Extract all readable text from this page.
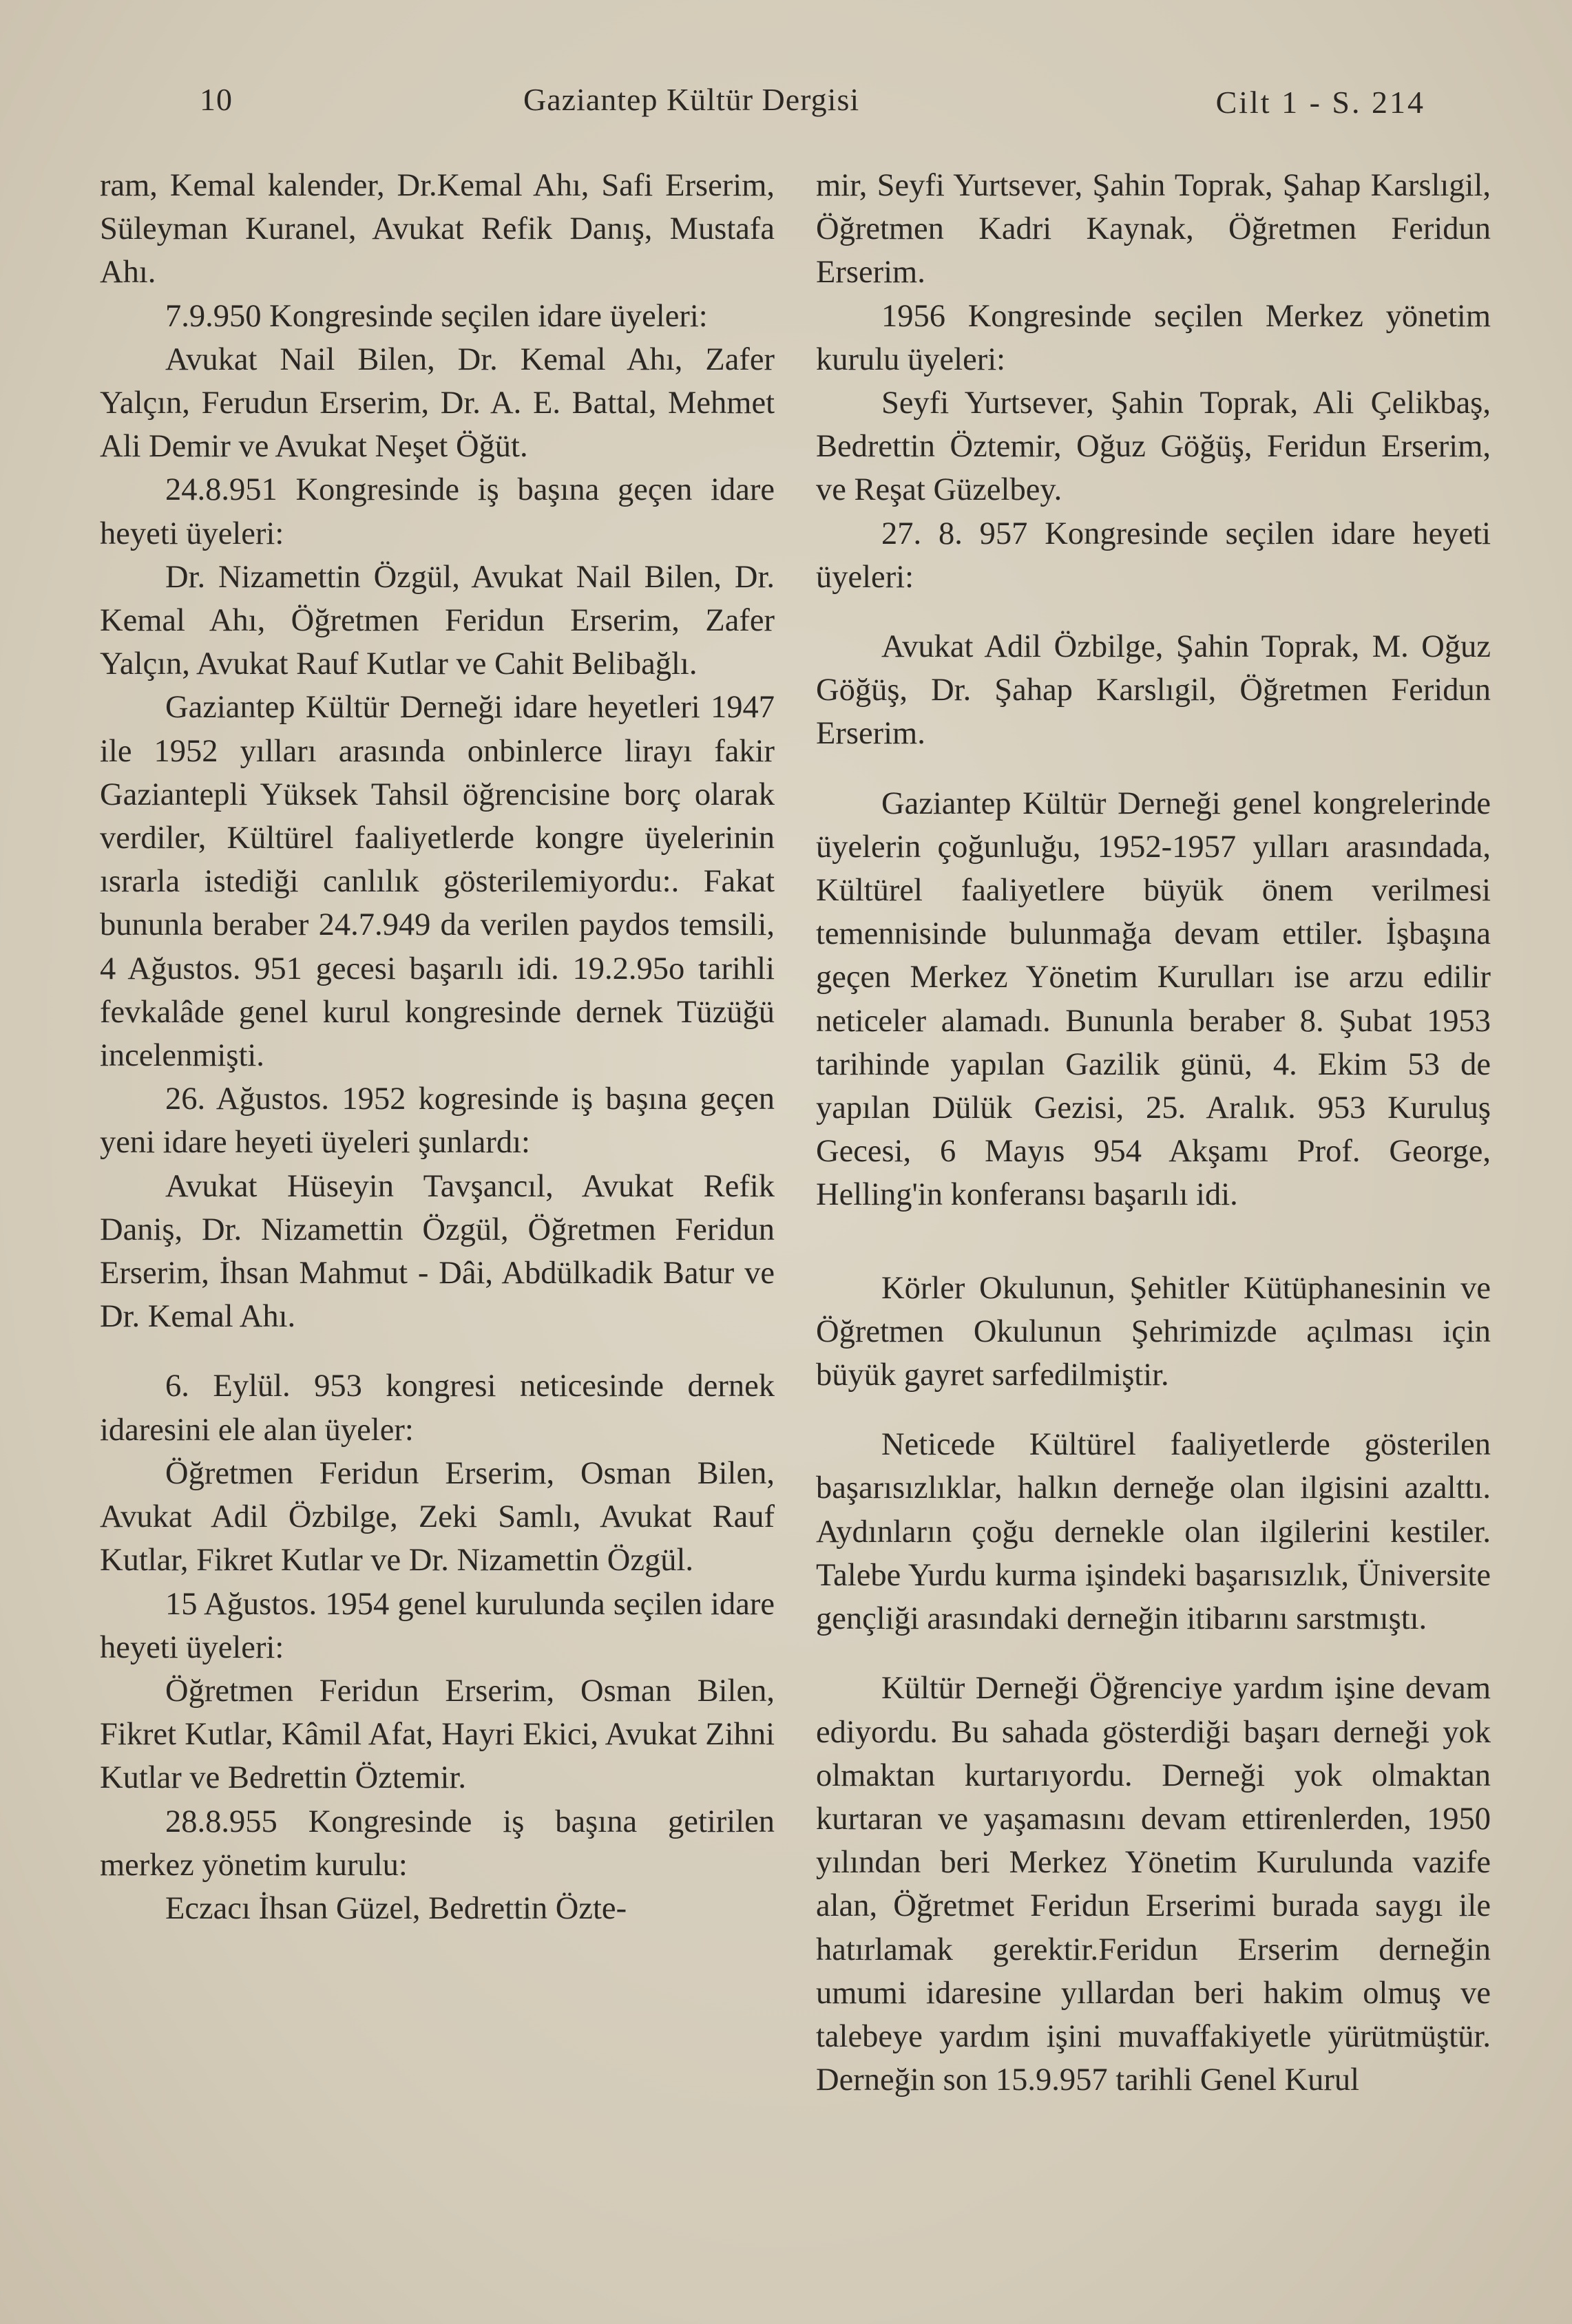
10	Gaziantep Kültür Dergisi	Cilt 1 - S. 214

ram, Kemal kalender, Dr.Kemal Ahı, Safi Erserim, Süleyman Kuranel, Avukat Refik Danış, Mustafa Ahı.

7.9.950 Kongresinde seçilen idare üyeleri:

Avukat Nail Bilen, Dr. Kemal Ahı, Zafer Yalçın, Ferudun Erserim, Dr. A. E. Battal, Mehmet Ali Demir ve Avukat Neşet Öğüt.

24.8.951 Kongresinde iş başına geçen idare heyeti üyeleri:

Dr. Nizamettin Özgül, Avukat Nail Bilen, Dr. Kemal Ahı, Öğretmen Feridun Erserim, Zafer Yalçın, Avukat Rauf Kutlar ve Cahit Belibağlı.

Gaziantep Kültür Derneği idare heyetleri 1947 ile 1952 yılları arasında onbinlerce lirayı fakir Gaziantepli Yüksek Tahsil öğrencisine borç olarak verdiler, Kültürel faaliyetlerde kongre üyelerinin ısrarla istediği canlılık gösterilemiyordu:. Fakat bununla beraber 24.7.949 da verilen paydos temsili, 4 Ağustos. 951 gecesi başarılı idi. 19.2.95o tarihli fevkalâde genel kurul kongresinde dernek Tüzüğü incelenmişti.

26. Ağustos. 1952 kogresinde iş başına geçen yeni idare heyeti üyeleri şunlardı:

Avukat Hüseyin Tavşancıl, Avukat Refik Daniş, Dr. Nizamettin Özgül, Öğretmen Feridun Erserim, İhsan Mahmut - Dâi, Abdülkadik Batur ve Dr. Kemal Ahı.

6. Eylül. 953 kongresi neticesinde dernek idaresini ele alan üyeler:

Öğretmen Feridun Erserim, Osman Bilen, Avukat Adil Özbilge, Zeki Samlı, Avukat Rauf Kutlar, Fikret Kutlar ve Dr. Nizamettin Özgül.

15 Ağustos. 1954 genel kurulunda seçilen idare heyeti üyeleri:

Öğretmen Feridun Erserim, Osman Bilen, Fikret Kutlar, Kâmil Afat, Hayri Ekici, Avukat Zihni Kutlar ve Bedrettin Öztemir.

28.8.955 Kongresinde iş başına getirilen merkez yönetim kurulu:

Eczacı İhsan Güzel, Bedrettin Özte-

mir, Seyfi Yurtsever, Şahin Toprak, Şahap Karslıgil, Öğretmen Kadri Kaynak, Öğretmen Feridun Erserim.

1956 Kongresinde seçilen Merkez yönetim kurulu üyeleri:

Seyfi Yurtsever, Şahin Toprak, Ali Çelikbaş, Bedrettin Öztemir, Oğuz Göğüş, Feridun Erserim, ve Reşat Güzelbey.

27. 8. 957 Kongresinde seçilen idare heyeti üyeleri:

Avukat Adil Özbilge, Şahin Toprak, M. Oğuz Göğüş, Dr. Şahap Karslıgil, Öğretmen Feridun Erserim.

Gaziantep Kültür Derneği genel kongrelerinde üyelerin çoğunluğu, 1952-1957 yılları arasındada, Kültürel faaliyetlere büyük önem verilmesi temennisinde bulunmağa devam ettiler. İşbaşına geçen Merkez Yönetim Kurulları ise arzu edilir neticeler alamadı. Bununla beraber 8. Şubat 1953 tarihinde yapılan Gazilik günü, 4. Ekim 53 de yapılan Dülük Gezisi, 25. Aralık. 953 Kuruluş Gecesi, 6 Mayıs 954 Akşamı Prof. George, Helling'in konferansı başarılı idi.

Körler Okulunun, Şehitler Kütüphanesinin ve Öğretmen Okulunun Şehrimizde açılması için büyük gayret sarfedilmiştir.

Neticede Kültürel faaliyetlerde gösterilen başarısızlıklar, halkın derneğe olan ilgisini azalttı. Aydınların çoğu dernekle olan ilgilerini kestiler. Talebe Yurdu kurma işindeki başarısızlık, Üniversite gençliği arasındaki derneğin itibarını sarstmıştı.

Kültür Derneği Öğrenciye yardım işine devam ediyordu. Bu sahada gösterdiği başarı derneği yok olmaktan kurtarıyordu. Derneği yok olmaktan kurtaran ve yaşamasını devam ettirenlerden, 1950 yılından beri Merkez Yönetim Kurulunda vazife alan, Öğretmet Feridun Erserimi burada saygı ile hatırlamak gerektir.Feridun Erserim derneğin umumi idaresine yıllardan beri hakim olmuş ve talebeye yardım işini muvaffakiyetle yürütmüştür. Derneğin son 15.9.957 tarihli Genel Kurul
